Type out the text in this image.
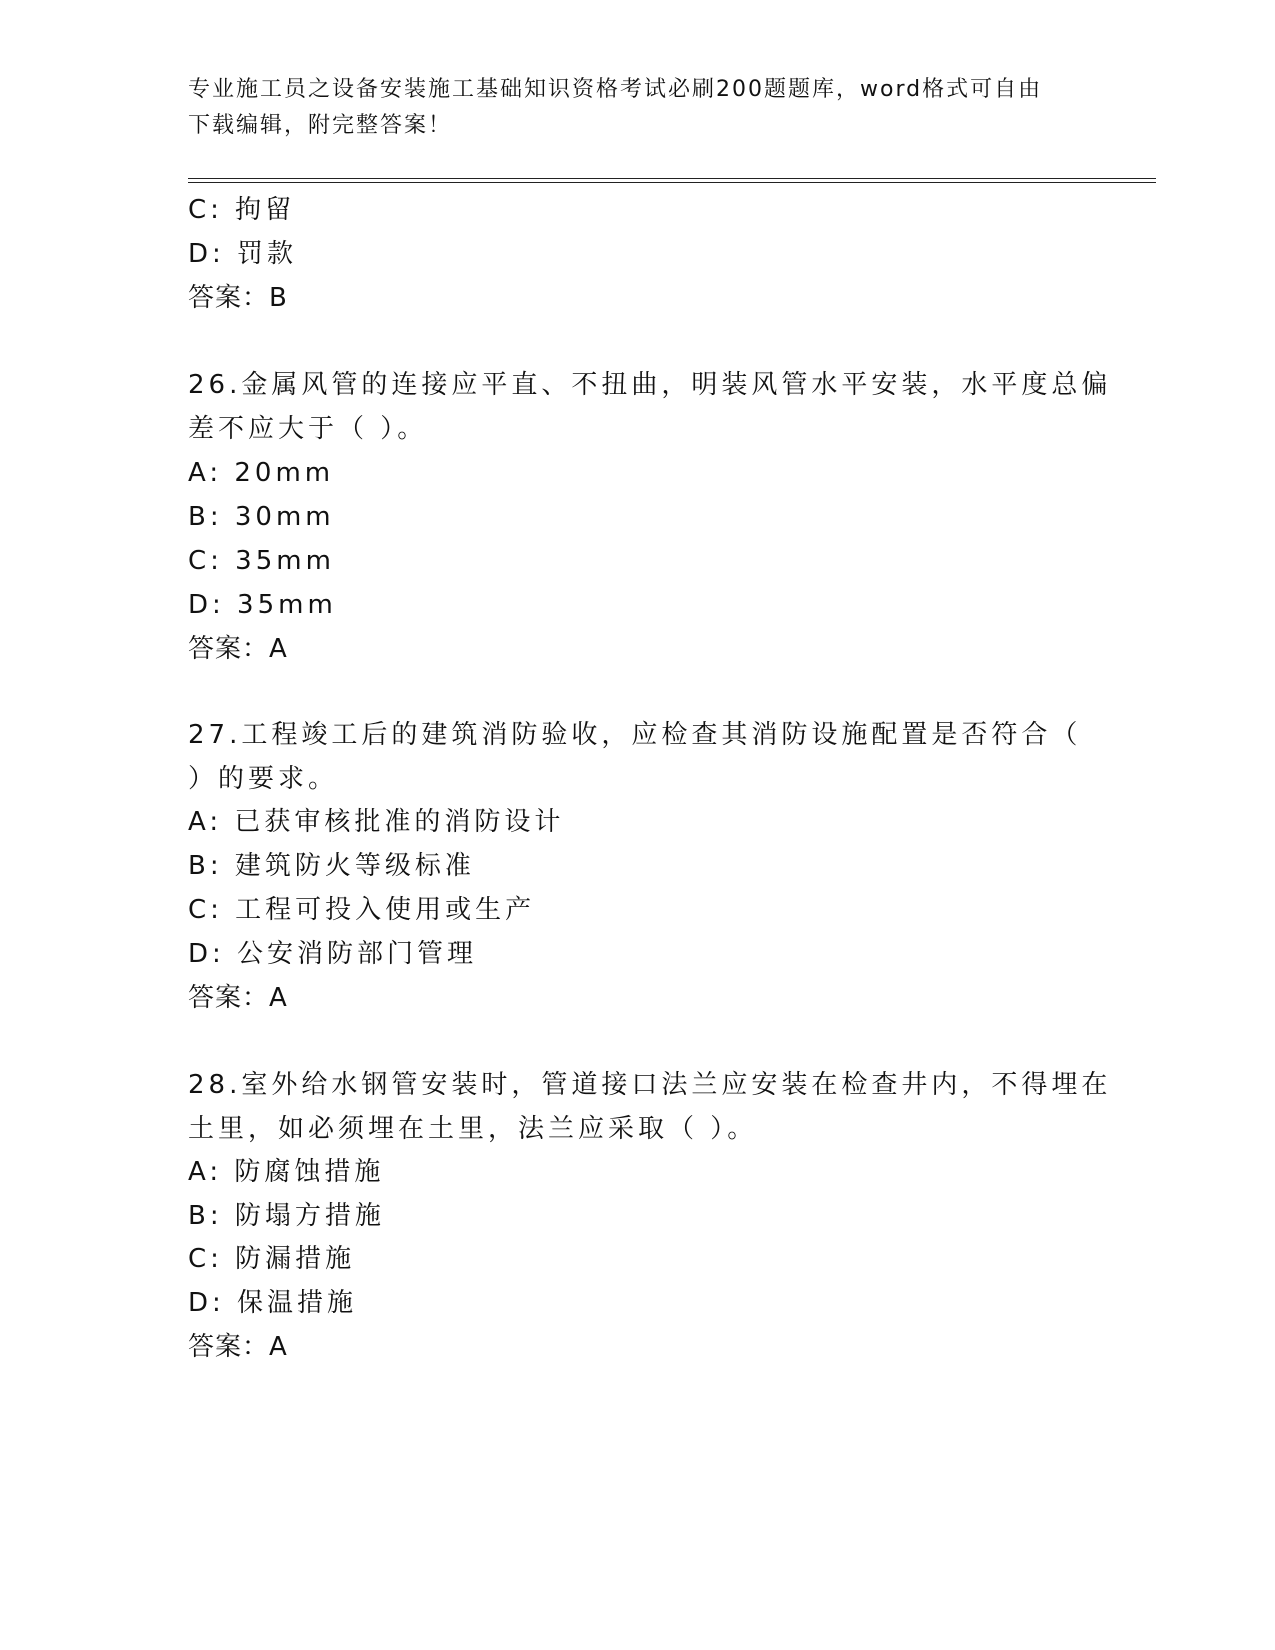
专业施工员之设备安装施工基础知识资格考试必刷200题题库，word格式可自由
下载编辑，附完整答案！
C: 拘留
D: 罚款
答案：B
26.金属风管的连接应平直、不扭曲，明装风管水平安装，水平度总偏
差不应大于（ ）。
A: 20mm
B: 30mm
C: 35mm
D: 35mm
答案：A
27.工程竣工后的建筑消防验收，应检查其消防设施配置是否符合（
）的要求。
A: 已获审核批准的消防设计
B: 建筑防火等级标准
C: 工程可投入使用或生产
D: 公安消防部门管理
答案：A
28.室外给水钢管安装时，管道接口法兰应安装在检查井内，不得埋在
土里，如必须埋在土里，法兰应采取（ ）。
A: 防腐蚀措施
B: 防塌方措施
C: 防漏措施
D: 保温措施
答案：A
